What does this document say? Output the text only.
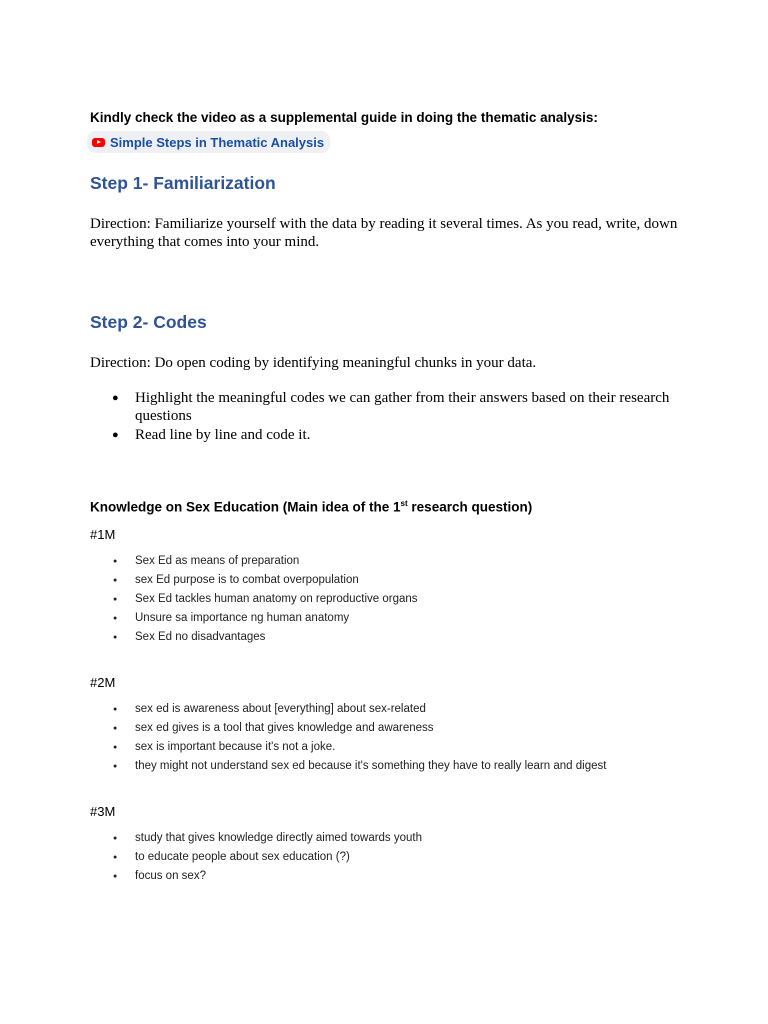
Kindly check the video as a supplemental guide in doing the thematic analysis:

Simple Steps in Thematic Analysis
Step 1- Familiarization

Direction: Familiarize yourself with the data by reading it several times. As you read, write, down everything that comes into your mind.

Step 2- Codes

Direction: Do open coding by identifying meaningful chunks in your data.

● Highlight the meaningful codes we can gather from their answers based on their research questions
● Read line by line and code it.

Knowledge on Sex Education (Main idea of the 1st research question)

#1M

● Sex Ed as means of preparation
● sex Ed purpose is to combat overpopulation
● Sex Ed tackles human anatomy on reproductive organs
● Unsure sa importance ng human anatomy
● Sex Ed no disadvantages

#2M

● sex ed is awareness about [everything] about sex-related
● sex ed gives is a tool that gives knowledge and awareness
● sex is important because it's not a joke.
● they might not understand sex ed because it's something they have to really learn and digest

#3M

● study that gives knowledge directly aimed towards youth
● to educate people about sex education (?)
● focus on sex?
